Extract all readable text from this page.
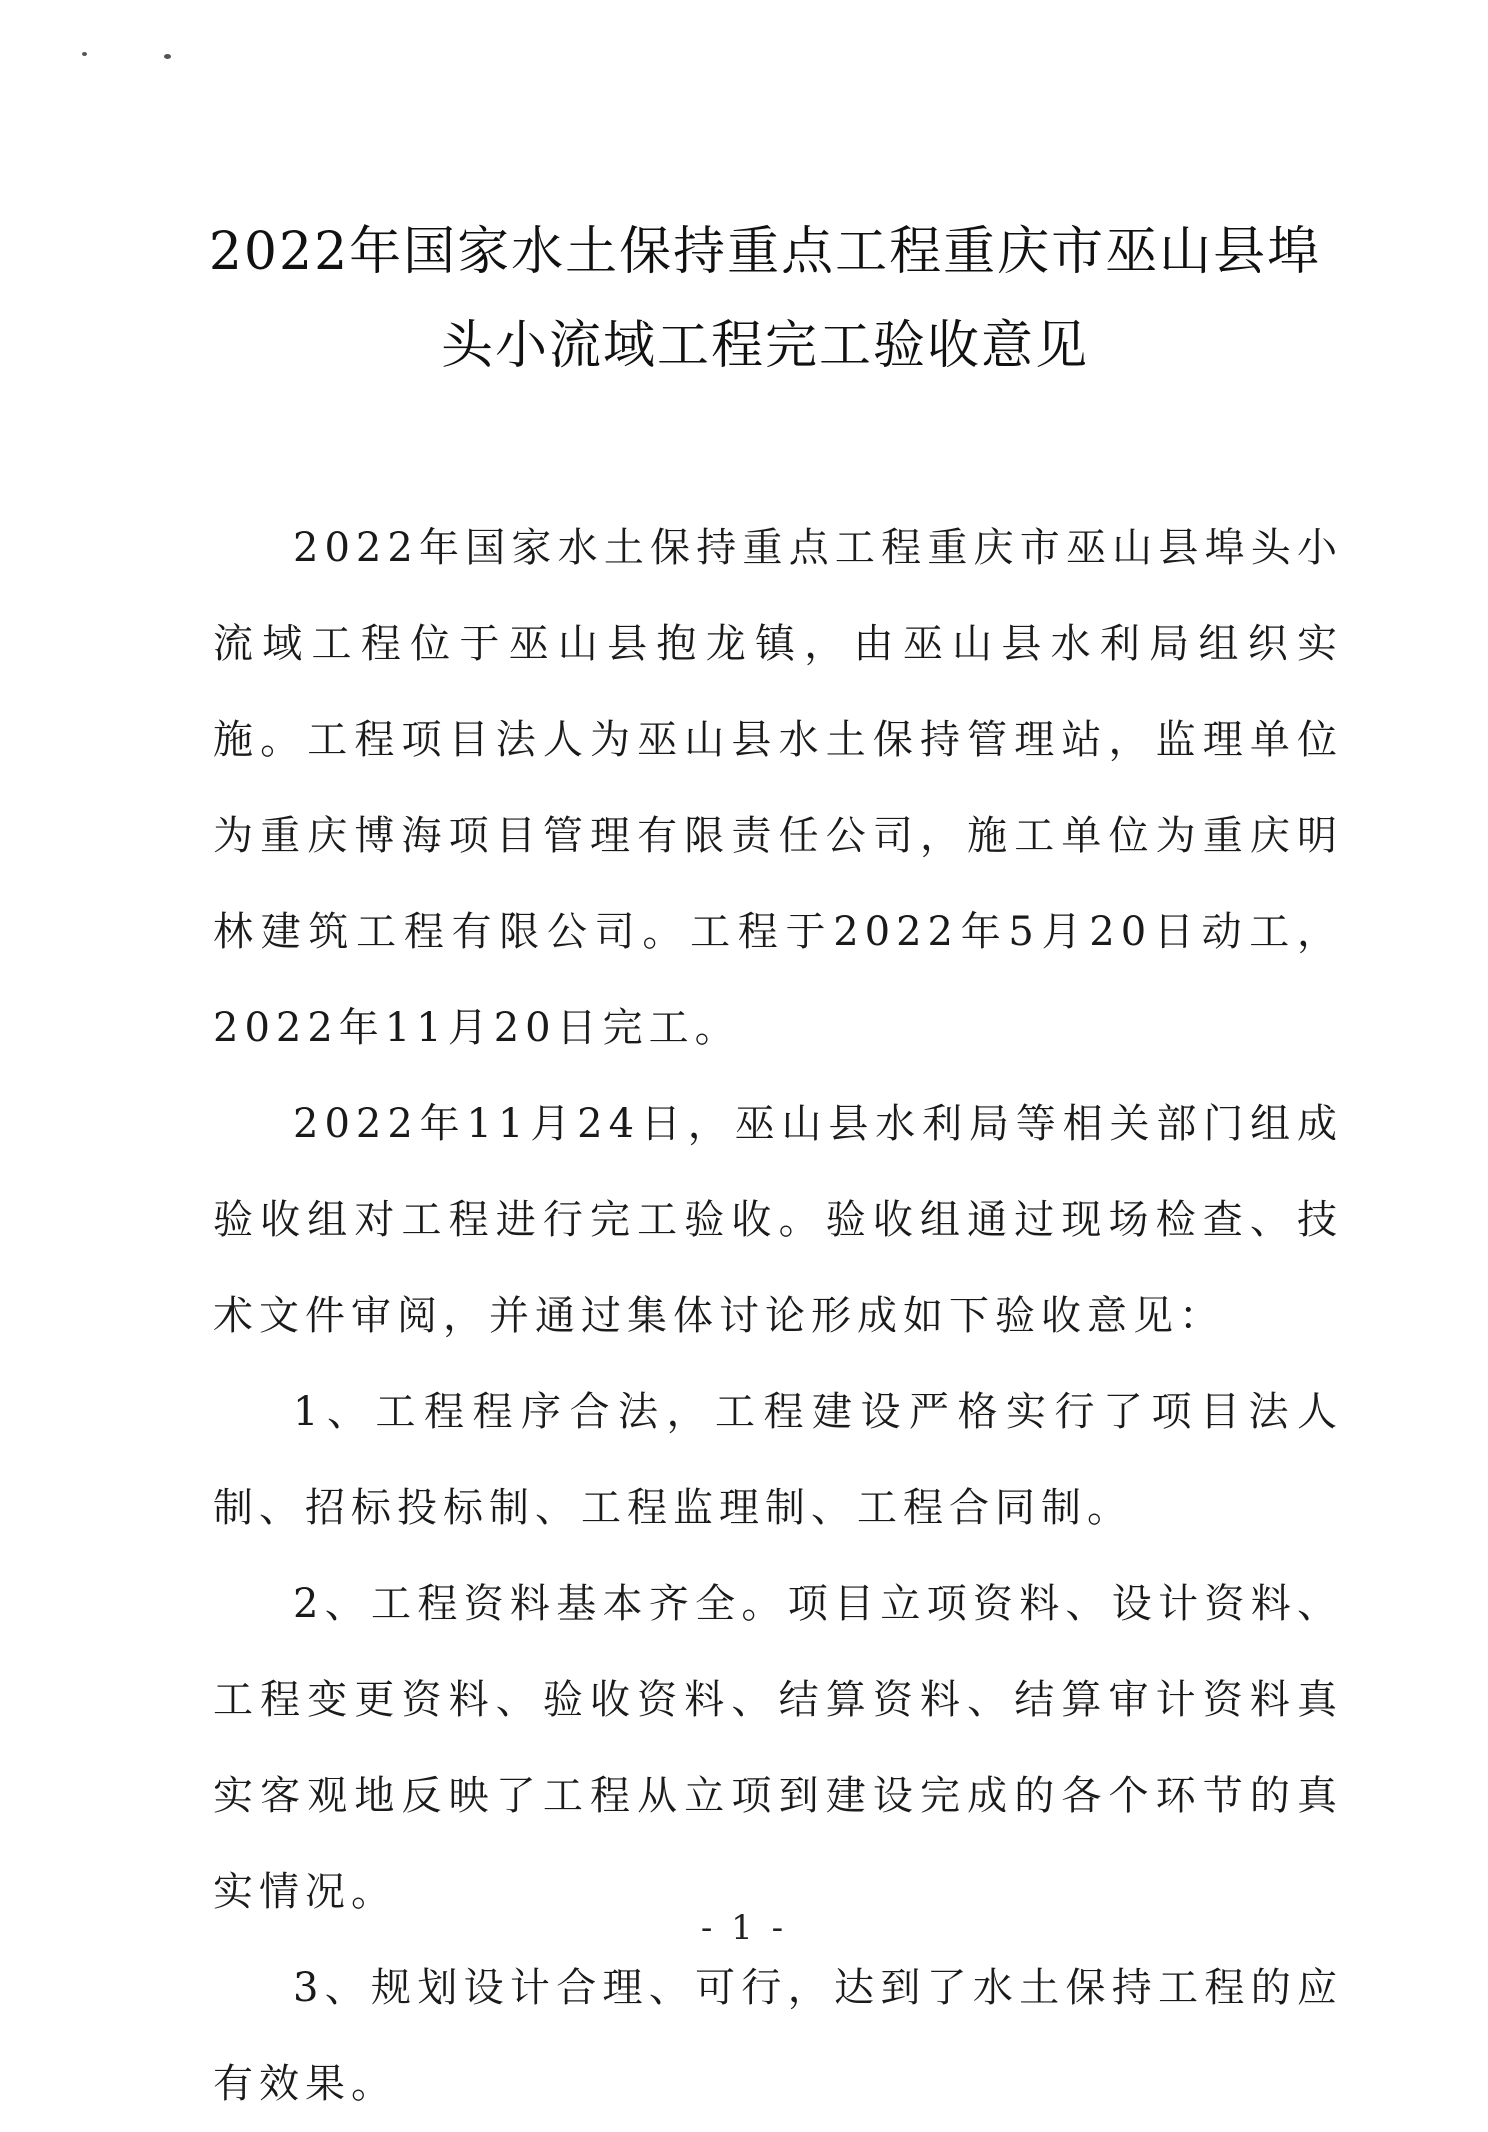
2022年国家水土保持重点工程重庆市巫山县埠
头小流域工程完工验收意见

2022年国家水土保持重点工程重庆市巫山县埠头小流域工程位于巫山县抱龙镇，由巫山县水利局组织实施。工程项目法人为巫山县水土保持管理站，监理单位为重庆博海项目管理有限责任公司，施工单位为重庆明林建筑工程有限公司。工程于2022年5月20日动工，2022年11月20日完工。

2022年11月24日，巫山县水利局等相关部门组成验收组对工程进行完工验收。验收组通过现场检查、技术文件审阅，并通过集体讨论形成如下验收意见：

1、工程程序合法，工程建设严格实行了项目法人制、招标投标制、工程监理制、工程合同制。

2、工程资料基本齐全。项目立项资料、设计资料、工程变更资料、验收资料、结算资料、结算审计资料真实客观地反映了工程从立项到建设完成的各个环节的真实情况。

3、规划设计合理、可行，达到了水土保持工程的应有效果。

- 1 -
